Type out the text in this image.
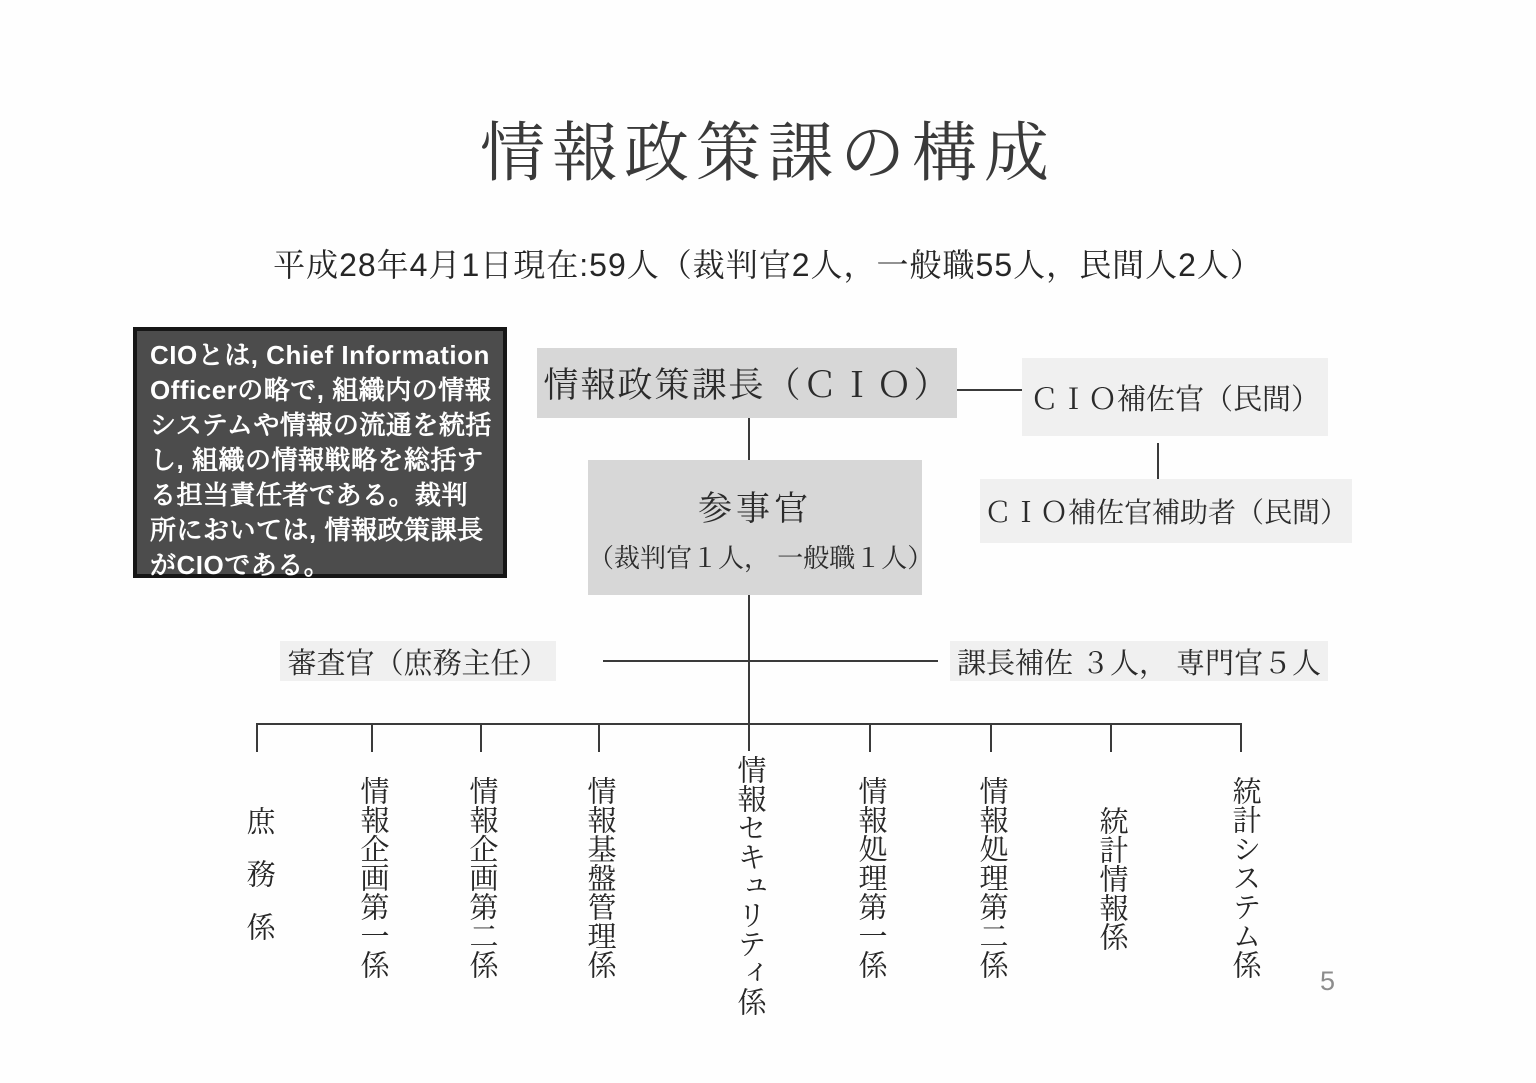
情報政策課の構成
平成28年4月1日現在:59人（裁判官2人，一般職55人，民間人2人）
CIOとは, Chief Information Officerの略で, 組織内の情報システムや情報の流通を統括し, 組織の情報戦略を総括する担当責任者である。裁判所においては, 情報政策課長がCIOである。
情報政策課長（ＣＩＯ）	ＣＩＯ補佐官（民間）
ＣＩＯ補佐官補助者（民間）
参事官
（裁判官１人， 一般職１人）
審査官（庶務主任）	課長補佐 ３人， 専門官５人
庶務係	情報企画第一係	情報企画第二係	情報基盤管理係	情報セキュリティ係	情報処理第一係	情報処理第二係	統計情報係	統計システム係
5
